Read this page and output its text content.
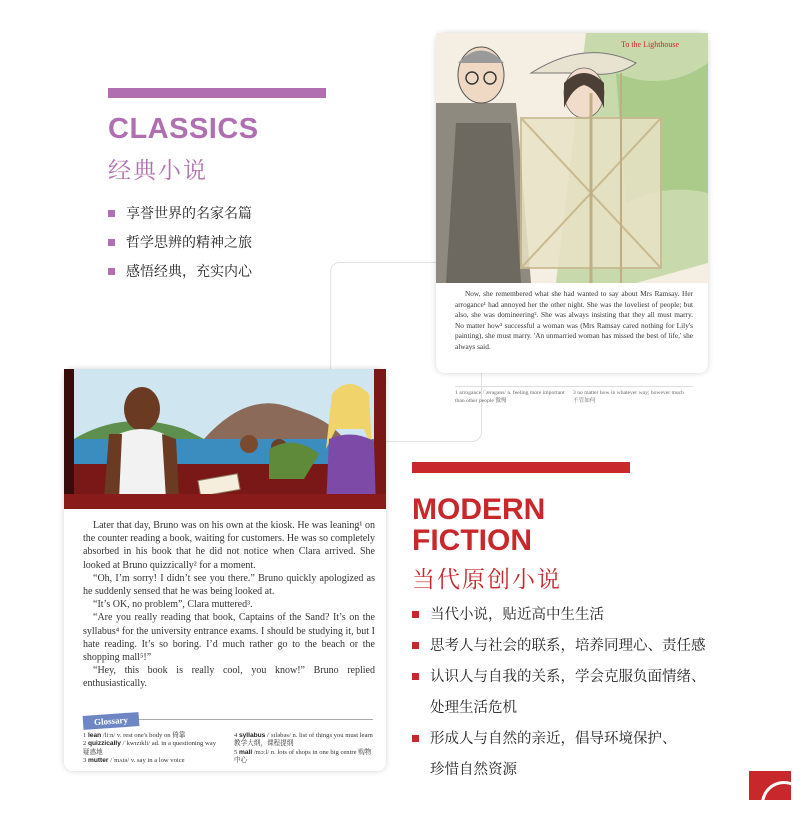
CLASSICS
经典小说
享誉世界的名家名篇
哲学思辨的精神之旅
感悟经典，充实内心
To the Lighthouse

Now, she remembered what she had wanted to say about Mrs Ramsay. Her arrogance¹ had annoyed her the other night. She was the loveliest of people; but also, she was domineering². She was always insisting that they all must marry. No matter how³ successful a woman was (Mrs Ramsay cared nothing for Lily's painting), she must marry. 'An unmarried woman has missed the best of life,' she always said.

1 arrogance /ˈærəgəns/ n. feeling more important than other people 傲慢 3 no matter how in whatever way; however much 不管如何

Later that day, Bruno was on his own at the kiosk. He was leaning¹ on the counter reading a book, waiting for customers. He was so completely absorbed in his book that he did not notice when Clara arrived. She looked at Bruno quizzically² for a moment.

“Oh, I’m sorry! I didn’t see you there.” Bruno quickly apologized as he suddenly sensed that he was being looked at.

“It’s OK, no problem”, Clara muttered³.

“Are you really reading that book, Captains of the Sand? It’s on the syllabus⁴ for the university entrance exams. I should be studying it, but I hate reading. It’s so boring. I’d much rather go to the beach or the shopping mall⁵!”

“Hey, this book is really cool, you know!” Bruno replied enthusiastically.

Glossary
1 lean /liːn/ v. rest one's body on 倚靠
2 quizzically /ˈkwɪzɪkli/ ad. in a questioning way 疑惑地
3 mutter /ˈmʌtə/ v. say in a low voice
4 syllabus /ˈsɪləbəs/ n. list of things you must learn 教学大纲，课程提纲
5 mall /mɔːl/ n. lots of shops in one big centre 购物中心
MODERN
FICTION
当代原创小说
当代小说，贴近高中生生活
思考人与社会的联系，培养同理心、责任感
认识人与自我的关系，学会克服负面情绪、
处理生活危机
形成人与自然的亲近，倡导环境保护、
珍惜自然资源
